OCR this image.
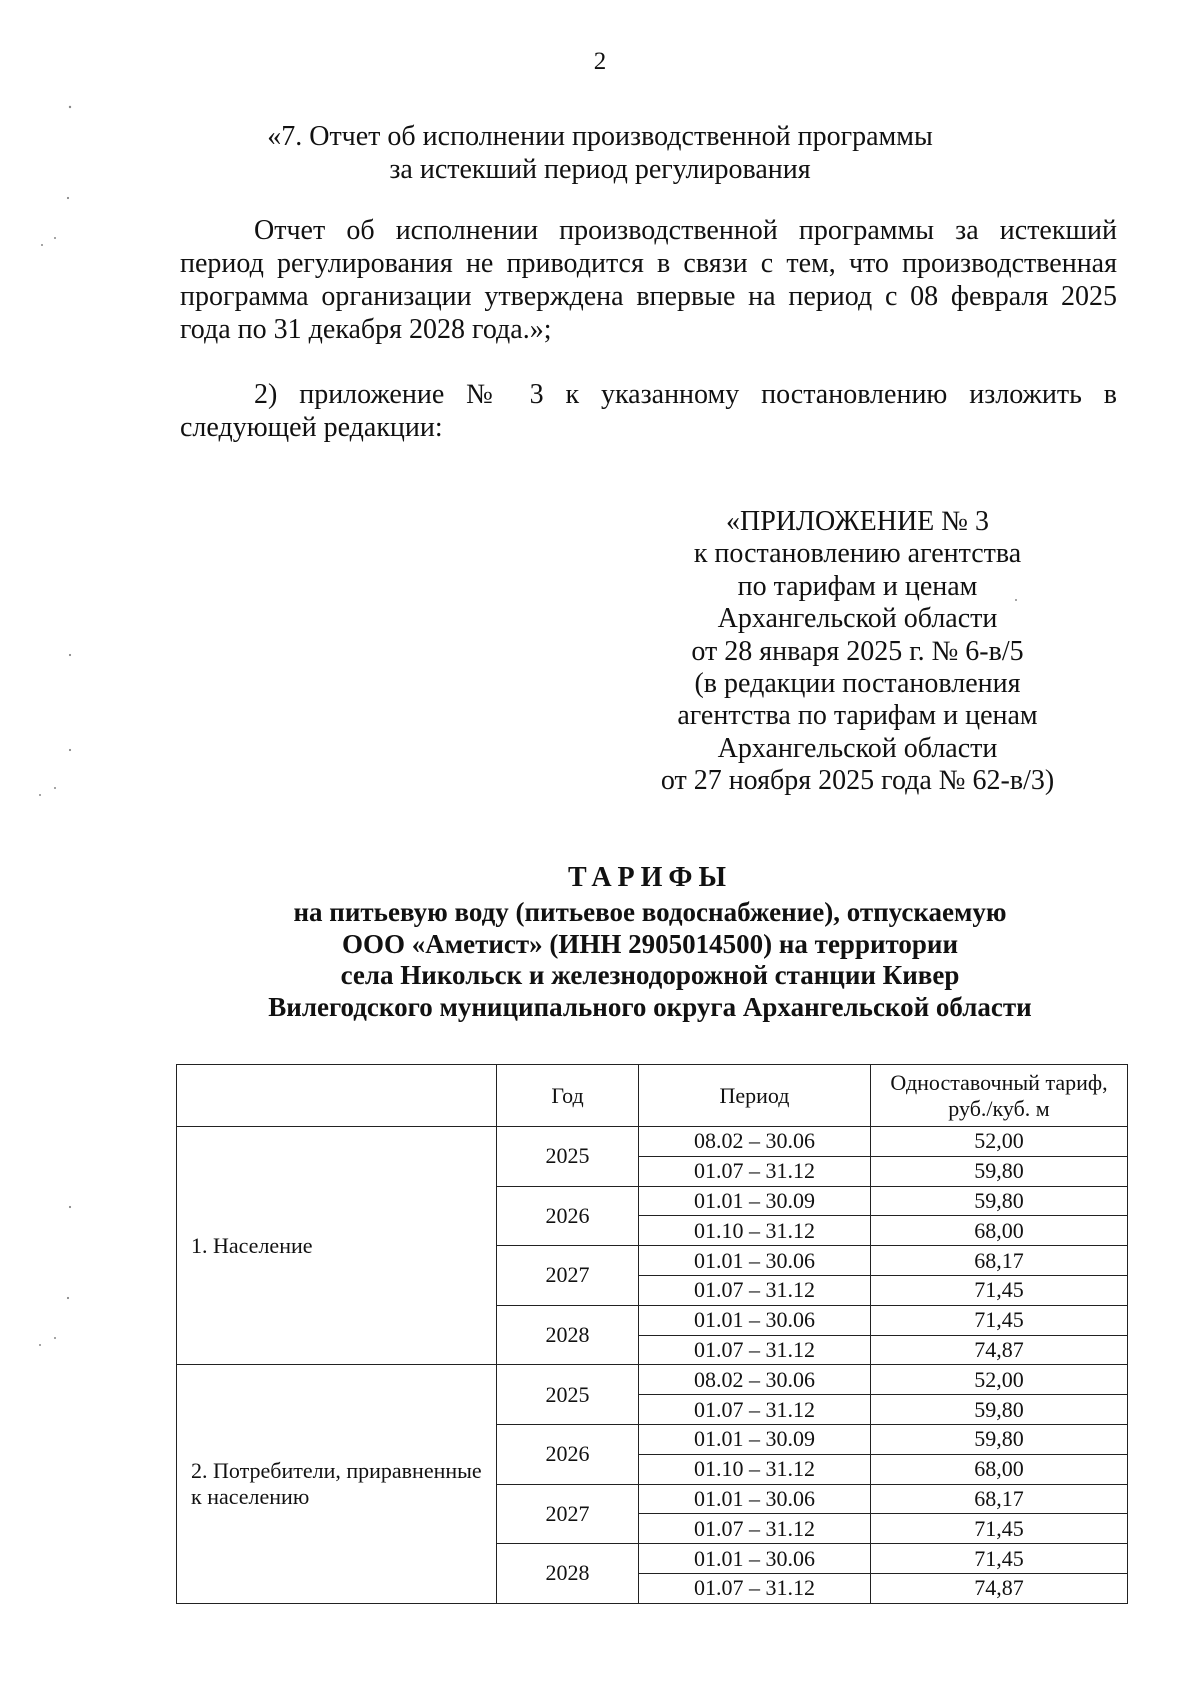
2
«7. Отчет об исполнении производственной программы
за истекший период регулирования
Отчет об исполнении производственной программы за истекший период регулирования не приводится в связи с тем, что производственная программа организации утверждена впервые на период с 08 февраля 2025 года по 31 декабря 2028 года.»;
2) приложение № 3 к указанному постановлению изложить в следующей редакции:
«ПРИЛОЖЕНИЕ № 3
к постановлению агентства
по тарифам и ценам
Архангельской области
от 28 января 2025 г. № 6-в/5
(в редакции постановления
агентства по тарифам и ценам
Архангельской области
от 27 ноября 2025 года № 62-в/3)
ТАРИФЫ
на питьевую воду (питьевое водоснабжение), отпускаемую
ООО «Аметист» (ИНН 2905014500) на территории
села Никольск и железнодорожной станции Кивер
Вилегодского муниципального округа Архангельской области
	Год	Период	Одноставочный тариф, руб./куб. м
1. Население	2025	08.02 – 30.06	52,00
		01.07 – 31.12	59,80
	2026	01.01 – 30.09	59,80
		01.10 – 31.12	68,00
	2027	01.01 – 30.06	68,17
		01.07 – 31.12	71,45
	2028	01.01 – 30.06	71,45
		01.07 – 31.12	74,87
2. Потребители, приравненные к населению	2025	08.02 – 30.06	52,00
		01.07 – 31.12	59,80
	2026	01.01 – 30.09	59,80
		01.10 – 31.12	68,00
	2027	01.01 – 30.06	68,17
		01.07 – 31.12	71,45
	2028	01.01 – 30.06	71,45
		01.07 – 31.12	74,87
